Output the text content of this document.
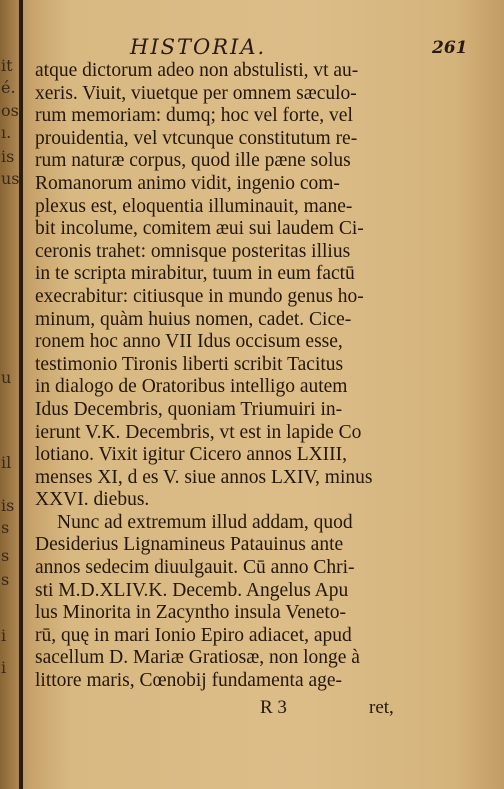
it
é.
os
ı.
is
us
u
il
is
s
s
s
i
i
HISTORIA.	261
atque dictorum adeo non abstulisti, vt au-
xeris. Viuit, viuetque per omnem sæculo-
rum memoriam: dumq; hoc vel forte, vel
prouidentia, vel vtcunque constitutum re-
rum naturæ corpus, quod ille pæne solus
Romanorum animo vidit, ingenio com-
plexus est, eloquentia illuminauit, mane-
bit incolume, comitem æui sui laudem Ci-
ceronis trahet: omnisque posteritas illius
in te scripta mirabitur, tuum in eum factū
execrabitur: citiusque in mundo genus ho-
minum, quàm huius nomen, cadet. Cice-
ronem hoc anno VII Idus occisum esse,
testimonio Tironis liberti scribit Tacitus
in dialogo de Oratoribus intelligo autem
Idus Decembris, quoniam Triumuiri in-
ierunt V.K. Decembris, vt est in lapide Co
lotiano. Vixit igitur Cicero annos LXIII,
menses XI, d es V. siue annos LXIV, minus
XXVI. diebus.
Nunc ad extremum illud addam, quod
Desiderius Lignamineus Patauinus ante
annos sedecim diuulgauit. Cū anno Chri-
sti M.D.XLIV.K. Decemb. Angelus Apu
lus Minorita in Zacyntho insula Veneto-
rū, quę in mari Ionio Epiro adiacet, apud
sacellum D. Mariæ Gratiosæ, non longe à
littore maris, Cœnobij fundamenta age-
R 3	ret,
